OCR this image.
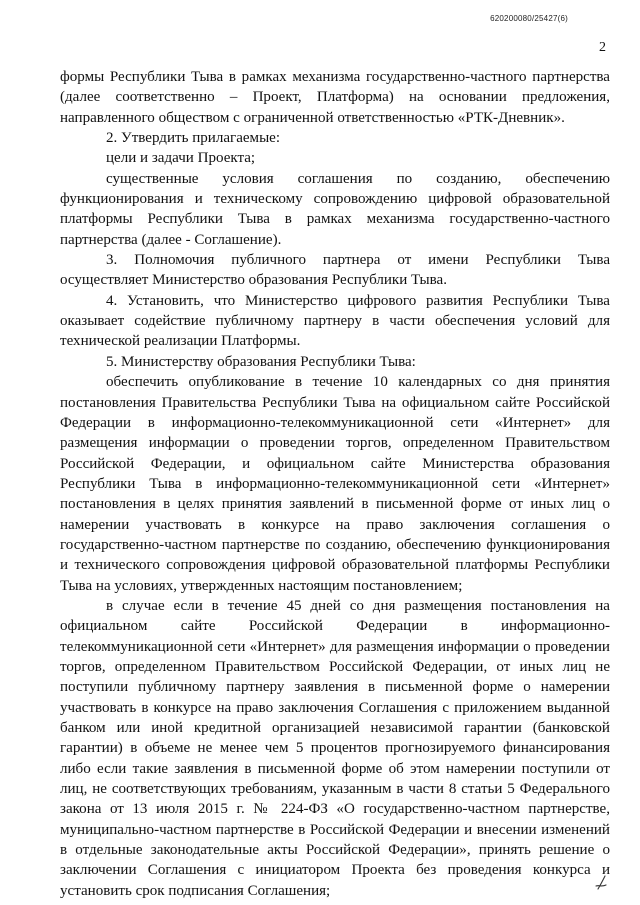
620200080/25427(6)
2

формы Республики Тыва в рамках механизма государственно-частного партнерства (далее соответственно – Проект, Платформа) на основании предложения, направленного обществом с ограниченной ответственностью «РТК-Дневник».

2. Утвердить прилагаемые:

цели и задачи Проекта;

существенные условия соглашения по созданию, обеспечению функционирования и техническому сопровождению цифровой образовательной платформы Республики Тыва в рамках механизма государственно-частного партнерства (далее - Соглашение).

3. Полномочия публичного партнера от имени Республики Тыва осуществляет Министерство образования Республики Тыва.

4. Установить, что Министерство цифрового развития Республики Тыва оказывает содействие публичному партнеру в части обеспечения условий для технической реализации Платформы.

5. Министерству образования Республики Тыва:

обеспечить опубликование в течение 10 календарных со дня принятия постановления Правительства Республики Тыва на официальном сайте Российской Федерации в информационно-телекоммуникационной сети «Интернет» для размещения информации о проведении торгов, определенном Правительством Российской Федерации, и официальном сайте Министерства образования Республики Тыва в информационно-телекоммуникационной сети «Интернет» постановления в целях принятия заявлений в письменной форме от иных лиц о намерении участвовать в конкурсе на право заключения соглашения о государственно-частном партнерстве по созданию, обеспечению функционирования и технического сопровождения цифровой образовательной платформы Республики Тыва на условиях, утвержденных настоящим постановлением;

в случае если в течение 45 дней со дня размещения постановления на официальном сайте Российской Федерации в информационно-телекоммуникационной сети «Интернет» для размещения информации о проведении торгов, определенном Правительством Российской Федерации, от иных лиц не поступили публичному партнеру заявления в письменной форме о намерении участвовать в конкурсе на право заключения Соглашения с приложением выданной банком или иной кредитной организацией независимой гарантии (банковской гарантии) в объеме не менее чем 5 процентов прогнозируемого финансирования либо если такие заявления в письменной форме об этом намерении поступили от лиц, не соответствующих требованиям, указанным в части 8 статьи 5 Федерального закона от 13 июля 2015 г. № 224-ФЗ «О государственно-частном партнерстве, муниципально-частном партнерстве в Российской Федерации и внесении изменений в отдельные законодательные акты Российской Федерации», принять решение о заключении Соглашения с инициатором Проекта без проведения конкурса и установить срок подписания Соглашения;
